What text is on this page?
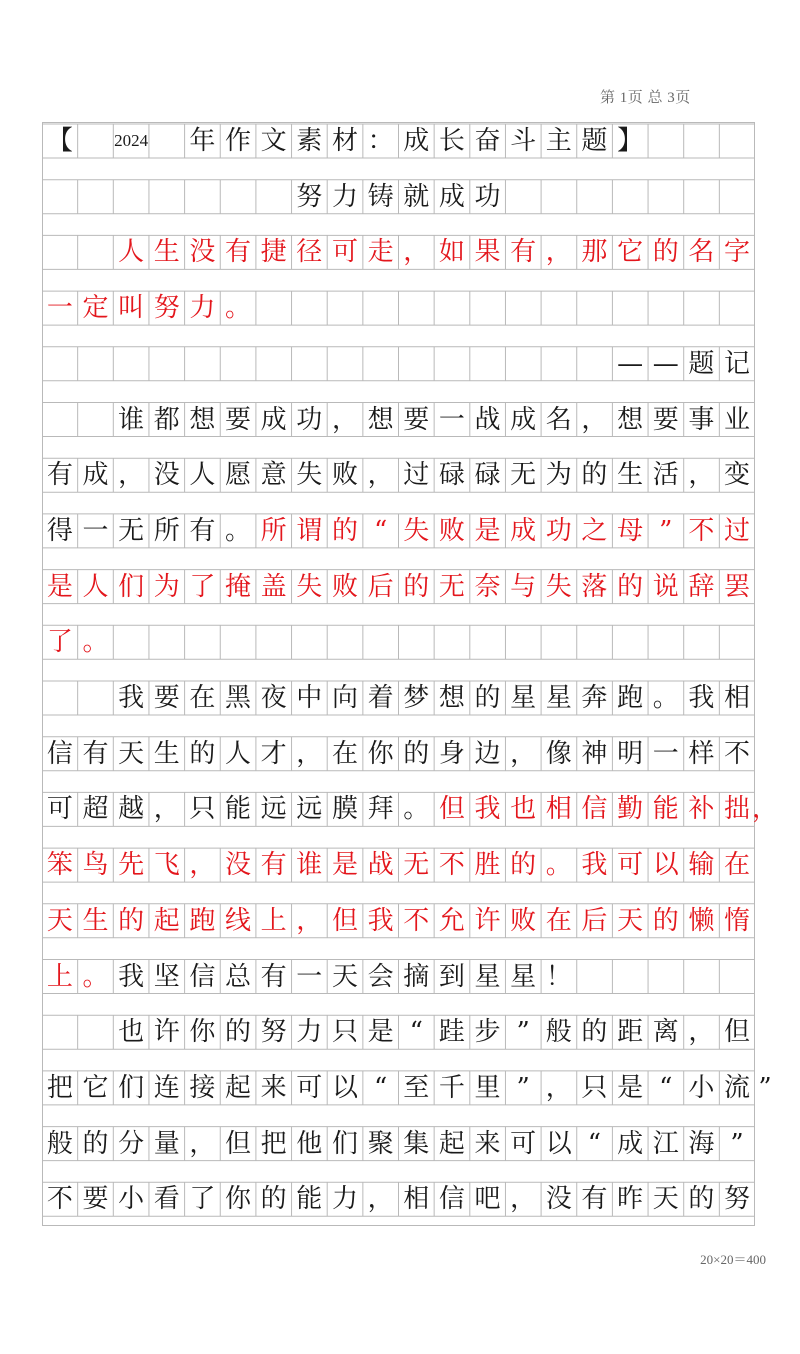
第 1页 总 3页
【 2024 年 作 文 素 材 ： 成 长 奋 斗 主 题 】
努 力 铸 就 成 功
人 生 没 有 捷 径 可 走 ， 如 果 有 ， 那 它 的 名 字
一 定 叫 努 力 。
— — 题 记
谁 都 想 要 成 功 ， 想 要 一 战 成 名 ， 想 要 事 业
有 成 ， 没 人 愿 意 失 败 ， 过 碌 碌 无 为 的 生 活 ， 变
得 一 无 所 有 。 所 谓 的 “ 失 败 是 成 功 之 母 ” 不 过
是 人 们 为 了 掩 盖 失 败 后 的 无 奈 与 失 落 的 说 辞 罢
了 。
我 要 在 黑 夜 中 向 着 梦 想 的 星 星 奔 跑 。 我 相
信 有 天 生 的 人 才 ， 在 你 的 身 边 ， 像 神 明 一 样 不
可 超 越 ， 只 能 远 远 膜 拜 。 但 我 也 相 信 勤 能 补 拙 ，
笨 鸟 先 飞 ， 没 有 谁 是 战 无 不 胜 的 。 我 可 以 输 在
天 生 的 起 跑 线 上 ， 但 我 不 允 许 败 在 后 天 的 懒 惰
上 。 我 坚 信 总 有 一 天 会 摘 到 星 星 ！
也 许 你 的 努 力 只 是 “ 跬 步 ” 般 的 距 离 ， 但
把 它 们 连 接 起 来 可 以 “ 至 千 里 ” ， 只 是 “ 小 流 ”
般 的 分 量 ， 但 把 他 们 聚 集 起 来 可 以 “ 成 江 海 ”
不 要 小 看 了 你 的 能 力 ， 相 信 吧 ， 没 有 昨 天 的 努
20×20＝400
